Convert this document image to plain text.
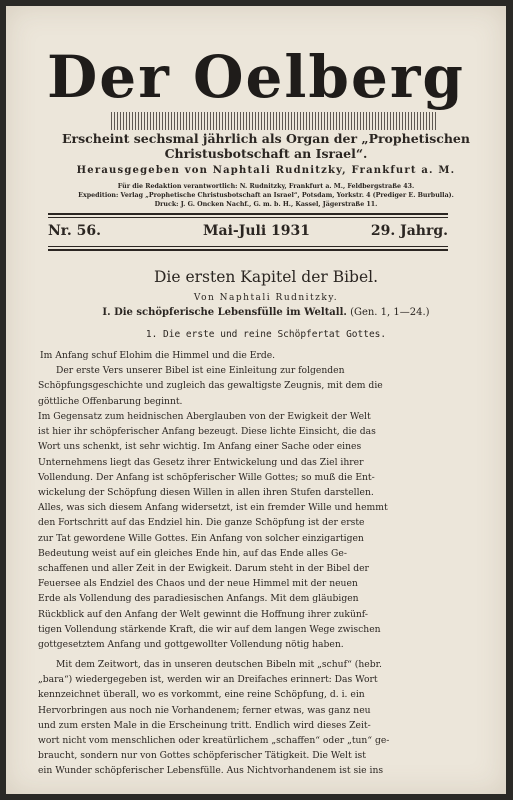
Der Oelberg
Erscheint sechsmal jährlich als Organ der „Prophetischen
Christusbotschaft an Israel“.
Herausgegeben von Naphtali Rudnitzky, Frankfurt a. M.
Für die Redaktion verantwortlich: N. Rudnitzky, Frankfurt a. M., Feldbergstraße 43.
Expedition: Verlag „Prophetische Christusbotschaft an Israel“, Potsdam, Yorkstr. 4 (Prediger E. Burbulla).
Druck: J. G. Oncken Nachf., G. m. b. H., Kassel, Jägerstraße 11.
Nr. 56.	Mai-Juli 1931	29. Jahrg.
Die ersten Kapitel der Bibel.
Von Naphtali Rudnitzky.
I. Die schöpferische Lebensfülle im Weltall. (Gen. 1, 1—24.)
1. Die erste und reine Schöpfertat Gottes.

Im Anfang schuf Elohim die Himmel und die Erde.

Der erste Vers unserer Bibel ist eine Einleitung zur folgenden

Schöpfungsgeschichte und zugleich das gewaltigste Zeugnis, mit dem die

göttliche Offenbarung beginnt.

Im Gegensatz zum heidnischen Aberglauben von der Ewigkeit der Welt

ist hier ihr schöpferischer Anfang bezeugt. Diese lichte Einsicht, die das

Wort uns schenkt, ist sehr wichtig. Im Anfang einer Sache oder eines

Unternehmens liegt das Gesetz ihrer Entwickelung und das Ziel ihrer

Vollendung. Der Anfang ist schöpferischer Wille Gottes; so muß die Ent-

wickelung der Schöpfung diesen Willen in allen ihren Stufen darstellen.

Alles, was sich diesem Anfang widersetzt, ist ein fremder Wille und hemmt

den Fortschritt auf das Endziel hin. Die ganze Schöpfung ist der erste

zur Tat gewordene Wille Gottes. Ein Anfang von solcher einzigartigen

Bedeutung weist auf ein gleiches Ende hin, auf das Ende alles Ge-

schaffenen und aller Zeit in der Ewigkeit. Darum steht in der Bibel der

Feuersee als Endziel des Chaos und der neue Himmel mit der neuen

Erde als Vollendung des paradiesischen Anfangs. Mit dem gläubigen

Rückblick auf den Anfang der Welt gewinnt die Hoffnung ihrer zukünf-

tigen Vollendung stärkende Kraft, die wir auf dem langen Wege zwischen

gottgesetztem Anfang und gottgewollter Vollendung nötig haben.

Mit dem Zeitwort, das in unseren deutschen Bibeln mit „schuf“ (hebr.

„bara“) wiedergegeben ist, werden wir an Dreifaches erinnert: Das Wort

kennzeichnet überall, wo es vorkommt, eine reine Schöpfung, d. i. ein

Hervorbringen aus noch nie Vorhandenem; ferner etwas, was ganz neu

und zum ersten Male in die Erscheinung tritt. Endlich wird dieses Zeit-

wort nicht vom menschlichen oder kreatürlichem „schaffen“ oder „tun“ ge-

braucht, sondern nur von Gottes schöpferischer Tätigkeit. Die Welt ist

ein Wunder schöpferischer Lebensfülle. Aus Nichtvorhandenem ist sie ins
